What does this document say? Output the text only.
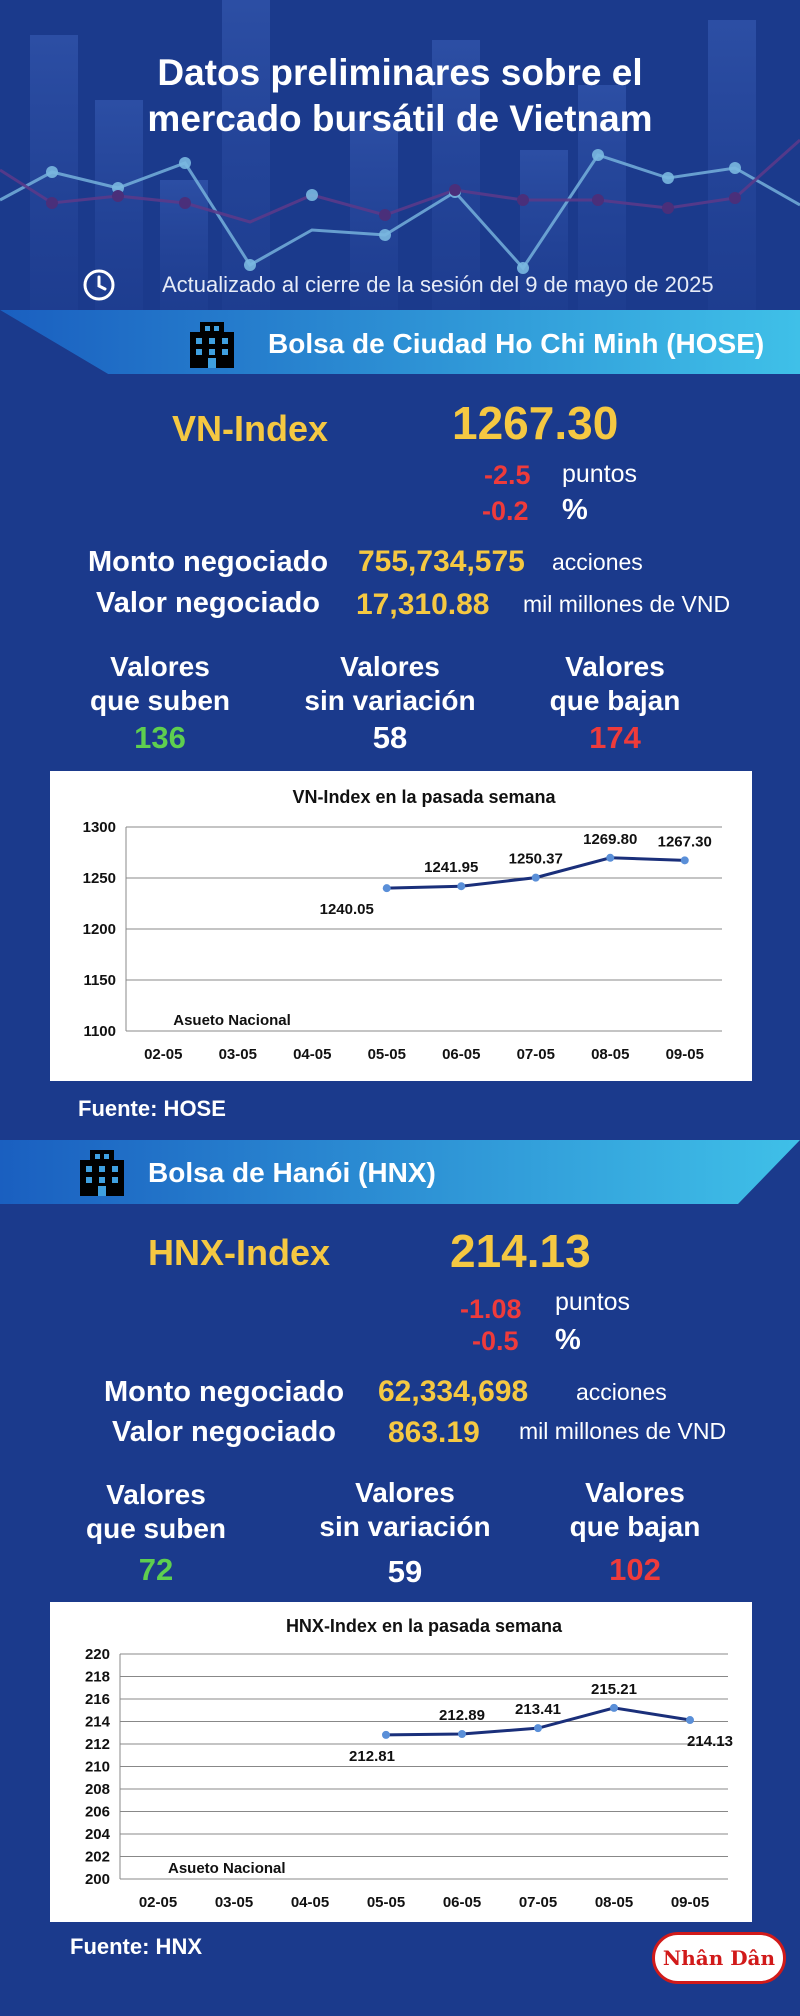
Datos preliminares sobre el
mercado bursátil de Vietnam
Actualizado al cierre de la sesión del 9 de mayo de 2025
Bolsa de Ciudad Ho Chi Minh (HOSE)
VN-Index	1267.30
-2.5 puntos
-0.2 %
Monto negociado 755,734,575 acciones
Valor negociado 17,310.88 mil millones de VND
Valores
que suben
136
Valores
sin variación
58
Valores
que bajan
174
VN-Index en la pasada semana
1100
1150
1200
1250
1300
02-05 03-05 04-05 05-05 06-05 07-05 08-05 09-05
1240.05
1241.95
1250.37
1269.80 1267.30
Asueto Nacional
Fuente: HOSE
Bolsa de Hanói (HNX)
HNX-Index	214.13
-1.08 puntos
-0.5 %
Monto negociado 62,334,698 acciones
Valor negociado 863.19 mil millones de VND
Valores
que suben
72
Valores
sin variación
59
Valores
que bajan
102
HNX-Index en la pasada semana
200
202
204
206
208
210
212
214
216
218
220
02-05	03-05	04-05	05-05	06-05	07-05	08-05	09-05
212.81
212.89 213.41
215.21
214.13
Asueto Nacional
Fuente: HNX	Nhân Dân
